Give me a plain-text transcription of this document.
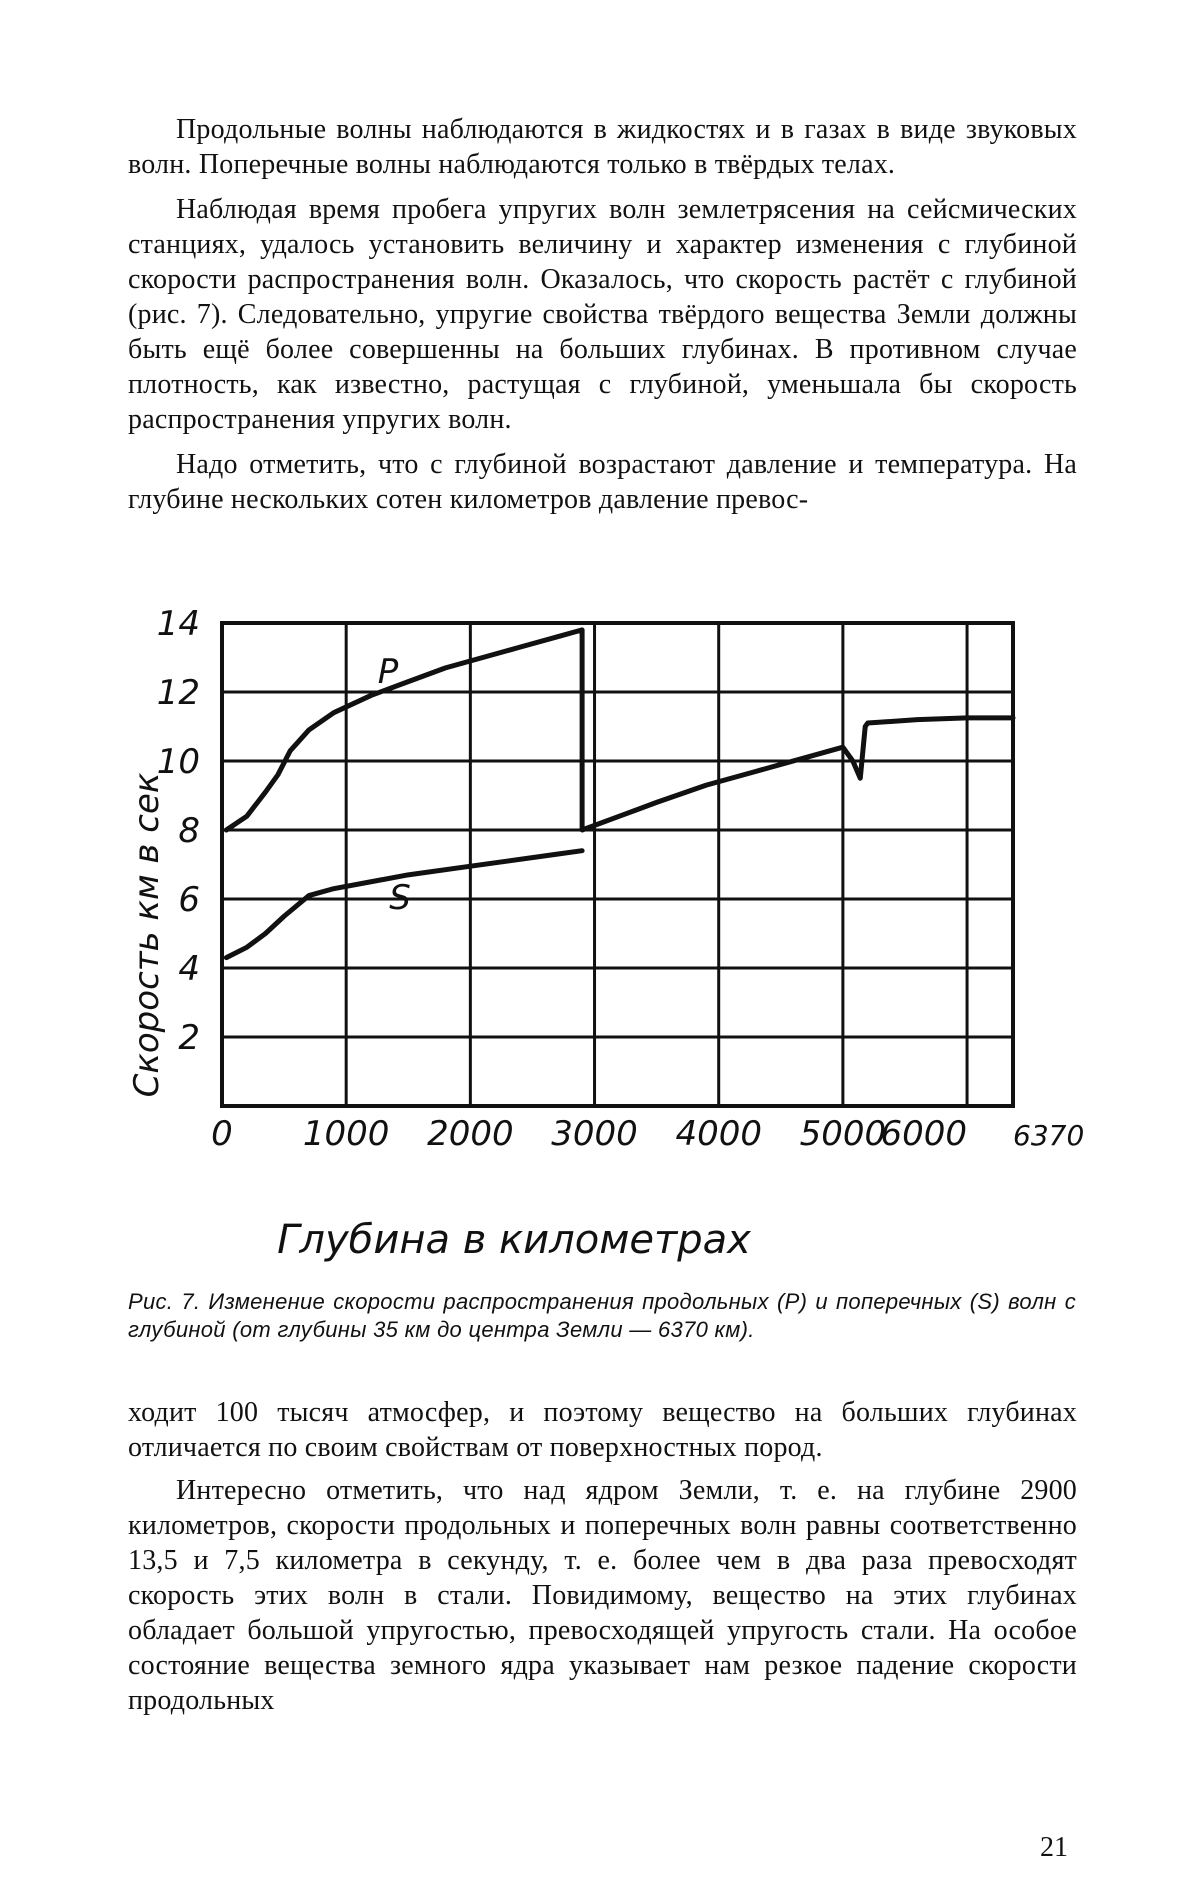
Продольные волны наблюдаются в жидкостях и в газах в виде звуковых волн. Поперечные волны наблюдаются только в твёрдых телах.

Наблюдая время пробега упругих волн землетрясения на сейсмических станциях, удалось установить величину и характер изменения с глубиной скорости распространения волн. Оказалось, что скорость растёт с глубиной (рис. 7). Следовательно, упругие свойства твёрдого вещества Земли должны быть ещё более совершенны на больших глубинах. В противном случае плотность, как известно, растущая с глубиной, уменьшала бы скорость распространения упругих волн.

Надо отметить, что с глубиной возрастают давление и температура. На глубине нескольких сотен километров давление превос-

Скорость км в сек
Глубина в километрах
P
S
0 1000 2000 3000 4000 5000
6000 6370
2
4
6
8
10
12
14
Рис. 7. Изменение скорости распространения продольных (P) и поперечных (S) волн с глубиной (от глубины 35 км до центра Земли — 6370 км).

ходит 100 тысяч атмосфер, и поэтому вещество на больших глубинах отличается по своим свойствам от поверхностных пород.

Интересно отметить, что над ядром Земли, т. е. на глубине 2900 километров, скорости продольных и поперечных волн равны соответственно 13,5 и 7,5 километра в секунду, т. е. более чем в два раза превосходят скорость этих волн в стали. Повидимому, вещество на этих глубинах обладает большой упругостью, превосходящей упругость стали. На особое состояние вещества земного ядра указывает нам резкое падение скорости продольных

21
